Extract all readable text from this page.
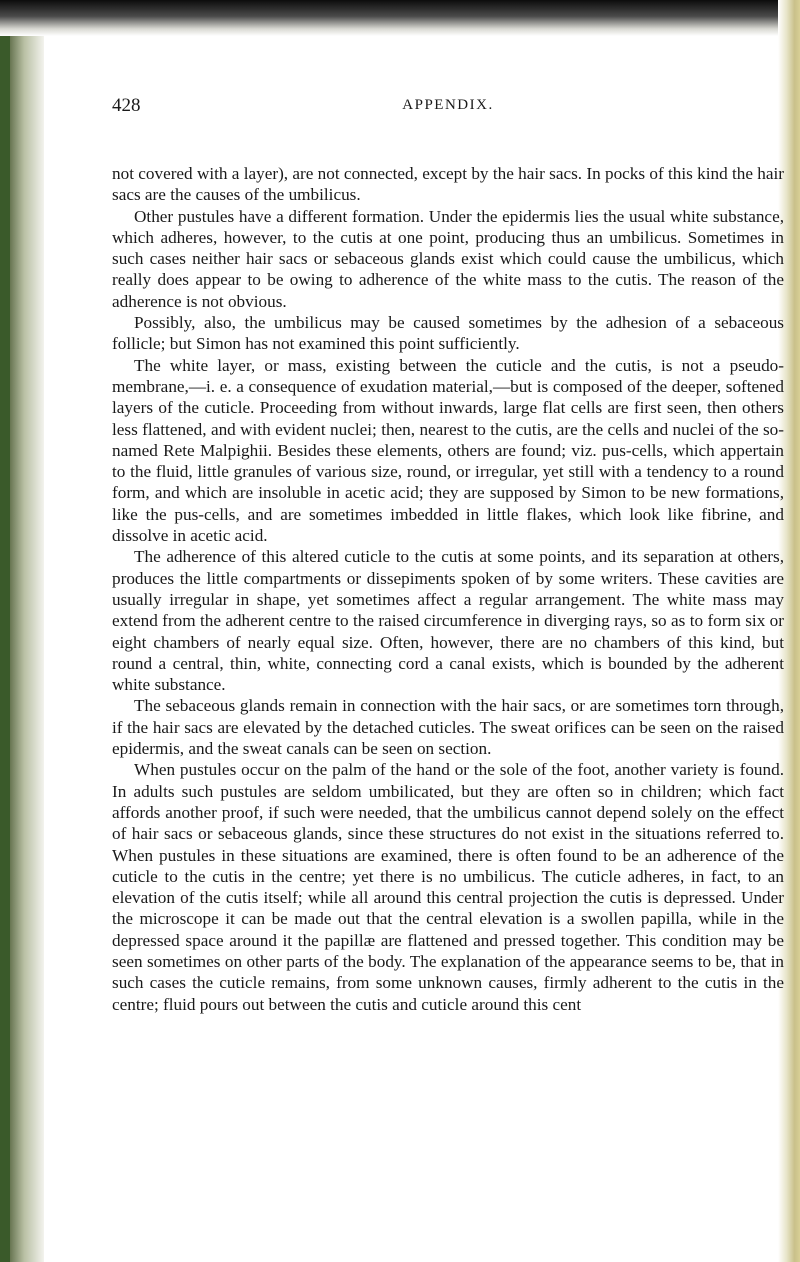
428	APPENDIX.

not covered with a layer), are not connected, except by the hair sacs. In pocks of this kind the hair sacs are the causes of the umbilicus.

Other pustules have a different formation. Under the epidermis lies the usual white substance, which adheres, however, to the cutis at one point, producing thus an umbilicus. Sometimes in such cases neither hair sacs or sebaceous glands exist which could cause the umbilicus, which really does appear to be owing to adherence of the white mass to the cutis. The reason of the adherence is not obvious.

Possibly, also, the umbilicus may be caused sometimes by the adhesion of a sebaceous follicle; but Simon has not examined this point sufficiently.

The white layer, or mass, existing between the cuticle and the cutis, is not a pseudo-membrane,—i. e. a consequence of exudation material,—but is composed of the deeper, softened layers of the cuticle. Proceeding from without inwards, large flat cells are first seen, then others less flattened, and with evident nuclei; then, nearest to the cutis, are the cells and nuclei of the so-named Rete Malpighii. Besides these elements, others are found; viz. pus-cells, which appertain to the fluid, little granules of various size, round, or irregular, yet still with a tendency to a round form, and which are insoluble in acetic acid; they are supposed by Simon to be new formations, like the pus-cells, and are sometimes imbedded in little flakes, which look like fibrine, and dissolve in acetic acid.

The adherence of this altered cuticle to the cutis at some points, and its separation at others, produces the little compartments or dissepiments spoken of by some writers. These cavities are usually irregular in shape, yet sometimes affect a regular arrangement. The white mass may extend from the adherent centre to the raised circumference in diverging rays, so as to form six or eight chambers of nearly equal size. Often, however, there are no chambers of this kind, but round a central, thin, white, connecting cord a canal exists, which is bounded by the adherent white substance.

The sebaceous glands remain in connection with the hair sacs, or are sometimes torn through, if the hair sacs are elevated by the detached cuticles. The sweat orifices can be seen on the raised epidermis, and the sweat canals can be seen on section.

When pustules occur on the palm of the hand or the sole of the foot, another variety is found. In adults such pustules are seldom umbilicated, but they are often so in children; which fact affords another proof, if such were needed, that the umbilicus cannot depend solely on the effect of hair sacs or sebaceous glands, since these structures do not exist in the situations referred to. When pustules in these situations are examined, there is often found to be an adherence of the cuticle to the cutis in the centre; yet there is no umbilicus. The cuticle adheres, in fact, to an elevation of the cutis itself; while all around this central projection the cutis is depressed. Under the microscope it can be made out that the central elevation is a swollen papilla, while in the depressed space around it the papillæ are flattened and pressed together. This condition may be seen sometimes on other parts of the body. The explanation of the appearance seems to be, that in such cases the cuticle remains, from some unknown causes, firmly adherent to the cutis in the centre; fluid pours out between the cutis and cuticle around this cent
